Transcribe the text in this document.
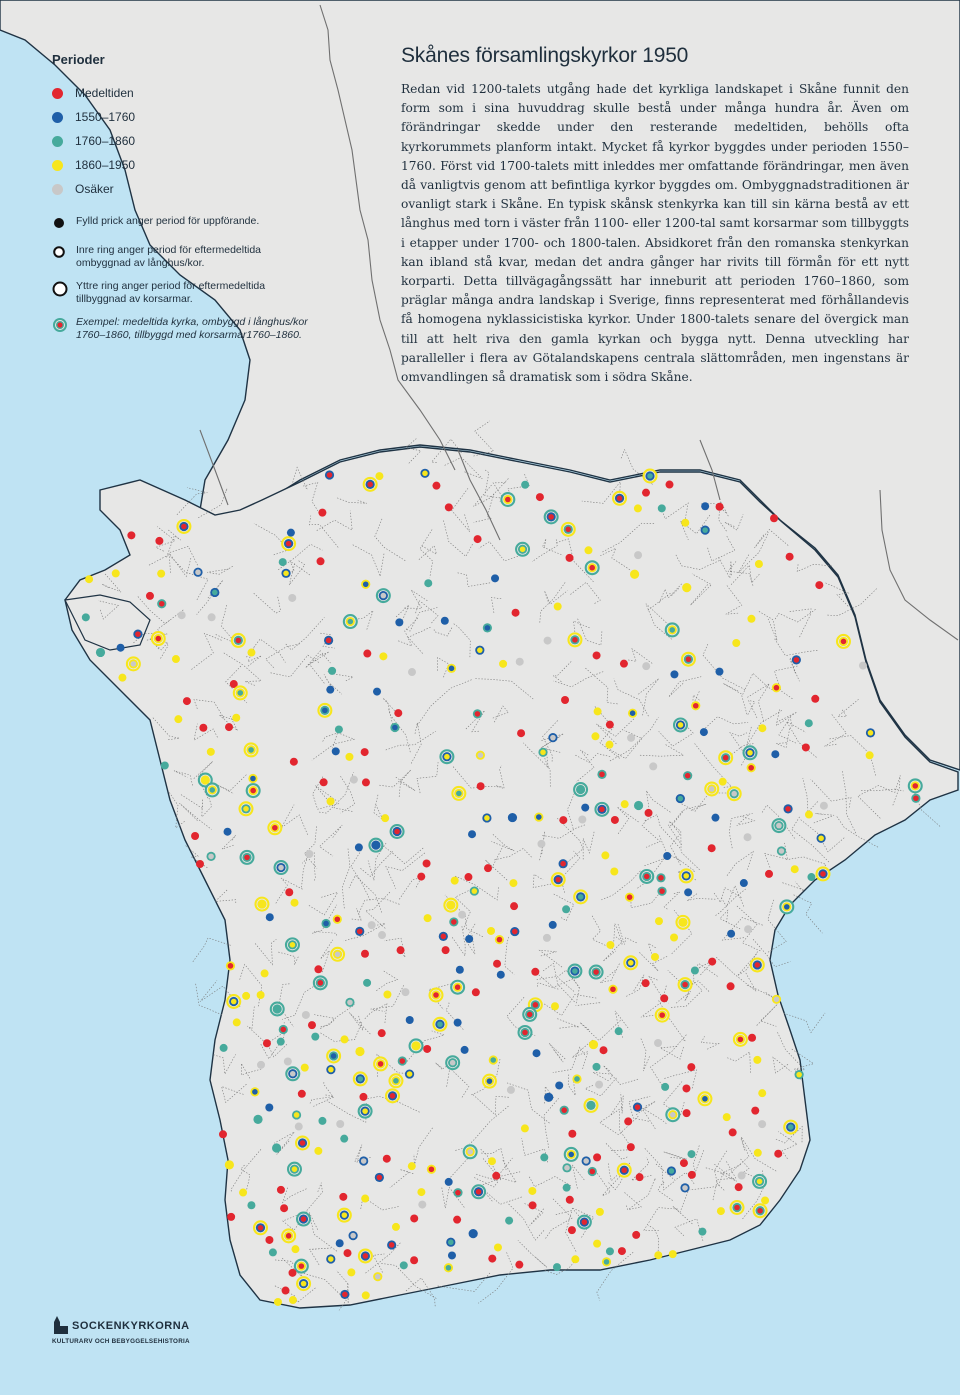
Perioder
Medeltiden
1550–1760
1760–1860
1860–1950
Osäker
Fylld prick anger period för uppförande.
Inre ring anger period för eftermedeltida ombyggnad av långhus/kor.
Yttre ring anger period för eftermedeltida tillbyggnad av korsarmar.
Exempel: medeltida kyrka, ombyggd i långhus/kor 1760–1860, tillbyggd med korsarmar1760–1860.
Skånes församlingskyrkor 1950

Redan vid 1200-talets utgång hade det kyrkliga landskapet i Skåne funnit den form som i sina huvuddrag skulle bestå under många hundra år. Även om förändringar skedde under den resterande medeltiden, behölls ofta kyrkorummets planform intakt. Mycket få kyrkor byggdes under perioden 1550–1760. Först vid 1700-talets mitt inleddes mer omfattande förändringar, men även då vanligtvis genom att befintliga kyrkor byggdes om. Ombyggnadstraditionen är ovanligt stark i Skåne. En typisk skånsk stenkyrka kan till sin kärna bestå av ett långhus med torn i väster från 1100- eller 1200-tal samt korsarmar som tillbyggts i etapper under 1700- och 1800-talen. Absidkoret från den romanska stenkyrkan kan ibland stå kvar, medan det andra gånger har rivits till förmån för ett nytt korparti. Detta tillvägagångssätt har inneburit att perioden 1760–1860, som präglar många andra landskap i Sverige, finns representerat med förhållandevis få homogena nyklassicistiska kyrkor. Under 1800-talets senare del övergick man till att helt riva den gamla kyrkan och bygga nytt. Denna utveckling har paralleller i flera av Götalandskapens centrala slättområden, men ingenstans är omvandlingen så dramatisk som i södra Skåne.

SOCKENKYRKORNA
KULTURARV OCH BEBYGGELSEHISTORIA
